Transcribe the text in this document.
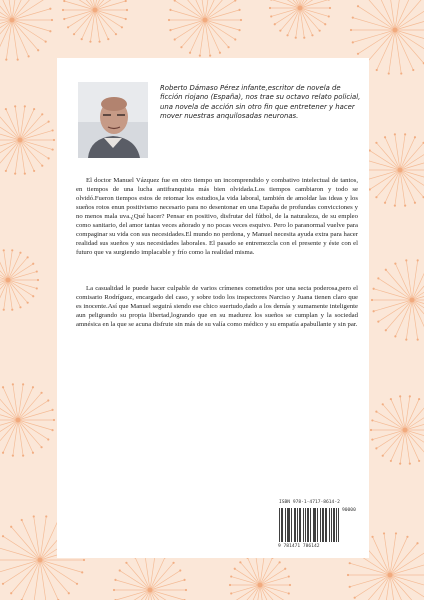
Roberto Dámaso Pérez infante,escritor de novela de ficción riojano (España), nos trae su octavo relato policial, una novela de acción sin otro fin que entretener y hacer mover nuestras anquilosadas neuronas.
El doctor Manuel Vázquez fue en otro tiempo un incomprendido y combativo intelectual de tantos, en tiempos de una lucha antifranquista más bien olvidada.Los tiempos cambiaron y todo se olvidó.Fueron tiempos estos de retomar los estudios,la vida laboral, también de amoldar las ideas y los sueños rotos enun positivismo necesario para no desentonar en una España de profundas convicciones y no menos mala uva.¿Qué hacer? Pensar en positivo, disfrutar del fútbol, de la naturaleza, de su empleo como sanitario, del amor tantas veces añorado y no pocas veces esquivo. Pero lo paranormal vuelve para compaginar su vida con sus necesidades.El mundo no perdona, y Manuel necesita ayuda extra para hacer realidad sus sueños y sus necesidades laborales. El pasado se entremezcla con el presente y éste con el futuro que va surgiendo implacable y frío como la realidad misma.
La casualidad le puede hacer culpable de varios crímenes cometidos por una secta poderosa,pero el comisario Rodríguez, encargado del caso, y sobre todo los inspectores Narciso y Juana tienen claro que es inocente.Así que Manuel seguirá siendo ese chico suertudo,dado a los demás y sumamente inteligente aun peligrando su propia libertad,logrando que en su madurez los sueños se cumplan y la sociedad amnésica en la que se acuna disfrute sin más de su valía como médico y su empatía apabullante y sin par.
ISBN 978-1-4717-8614-2
90000
9 781471 786142
